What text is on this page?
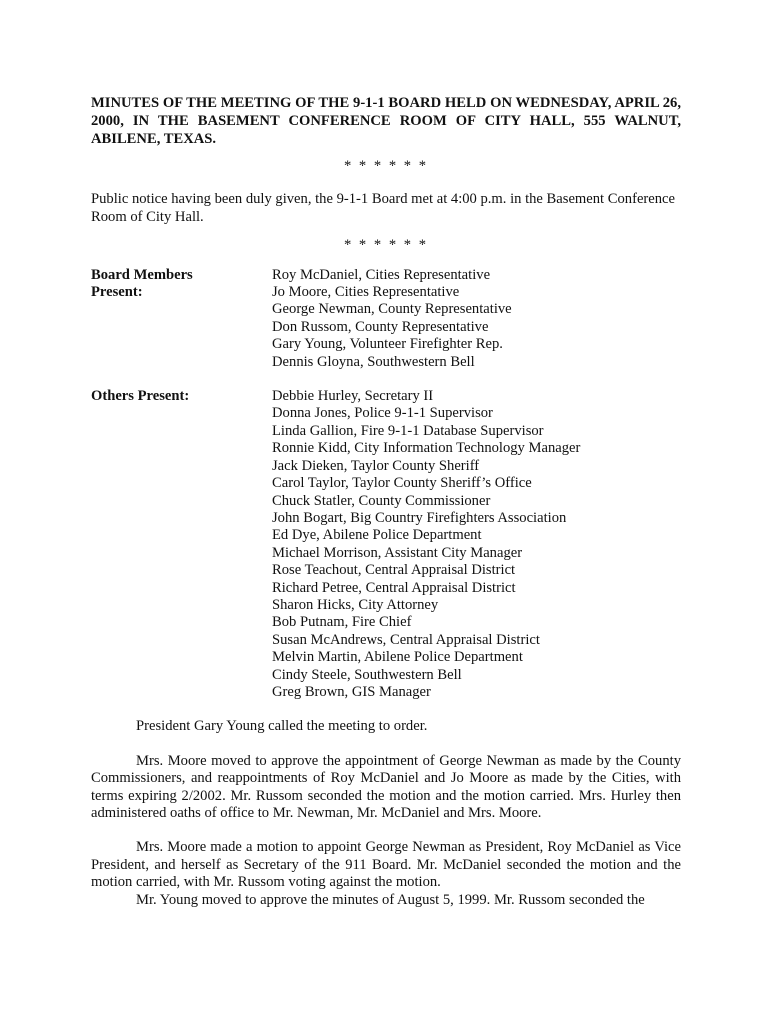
MINUTES OF THE MEETING OF THE 9-1-1 BOARD HELD ON WEDNESDAY, APRIL 26, 2000, IN THE BASEMENT CONFERENCE ROOM OF CITY HALL, 555 WALNUT, ABILENE, TEXAS.

* * * * * *

Public notice having been duly given, the 9-1-1 Board met at 4:00 p.m. in the Basement Conference Room of City Hall.

* * * * * *

Board Members
Present:
Roy McDaniel, Cities Representative
Jo Moore, Cities Representative
George Newman, County Representative
Don Russom, County Representative
Gary Young, Volunteer Firefighter Rep.
Dennis Gloyna, Southwestern Bell
Others Present:	Debbie Hurley, Secretary II
Donna Jones, Police 9-1-1 Supervisor
Linda Gallion, Fire 9-1-1 Database Supervisor
Ronnie Kidd, City Information Technology Manager
Jack Dieken, Taylor County Sheriff
Carol Taylor, Taylor County Sheriff’s Office
Chuck Statler, County Commissioner
John Bogart, Big Country Firefighters Association
Ed Dye, Abilene Police Department
Michael Morrison, Assistant City Manager
Rose Teachout, Central Appraisal District
Richard Petree, Central Appraisal District
Sharon Hicks, City Attorney
Bob Putnam, Fire Chief
Susan McAndrews, Central Appraisal District
Melvin Martin, Abilene Police Department
Cindy Steele, Southwestern Bell
Greg Brown, GIS Manager

President Gary Young called the meeting to order.

Mrs. Moore moved to approve the appointment of George Newman as made by the County Commissioners, and reappointments of Roy McDaniel and Jo Moore as made by the Cities, with terms expiring 2/2002. Mr. Russom seconded the motion and the motion carried. Mrs. Hurley then administered oaths of office to Mr. Newman, Mr. McDaniel and Mrs. Moore.

Mrs. Moore made a motion to appoint George Newman as President, Roy McDaniel as Vice President, and herself as Secretary of the 911 Board. Mr. McDaniel seconded the motion and the motion carried, with Mr. Russom voting against the motion.

Mr. Young moved to approve the minutes of August 5, 1999. Mr. Russom seconded the
